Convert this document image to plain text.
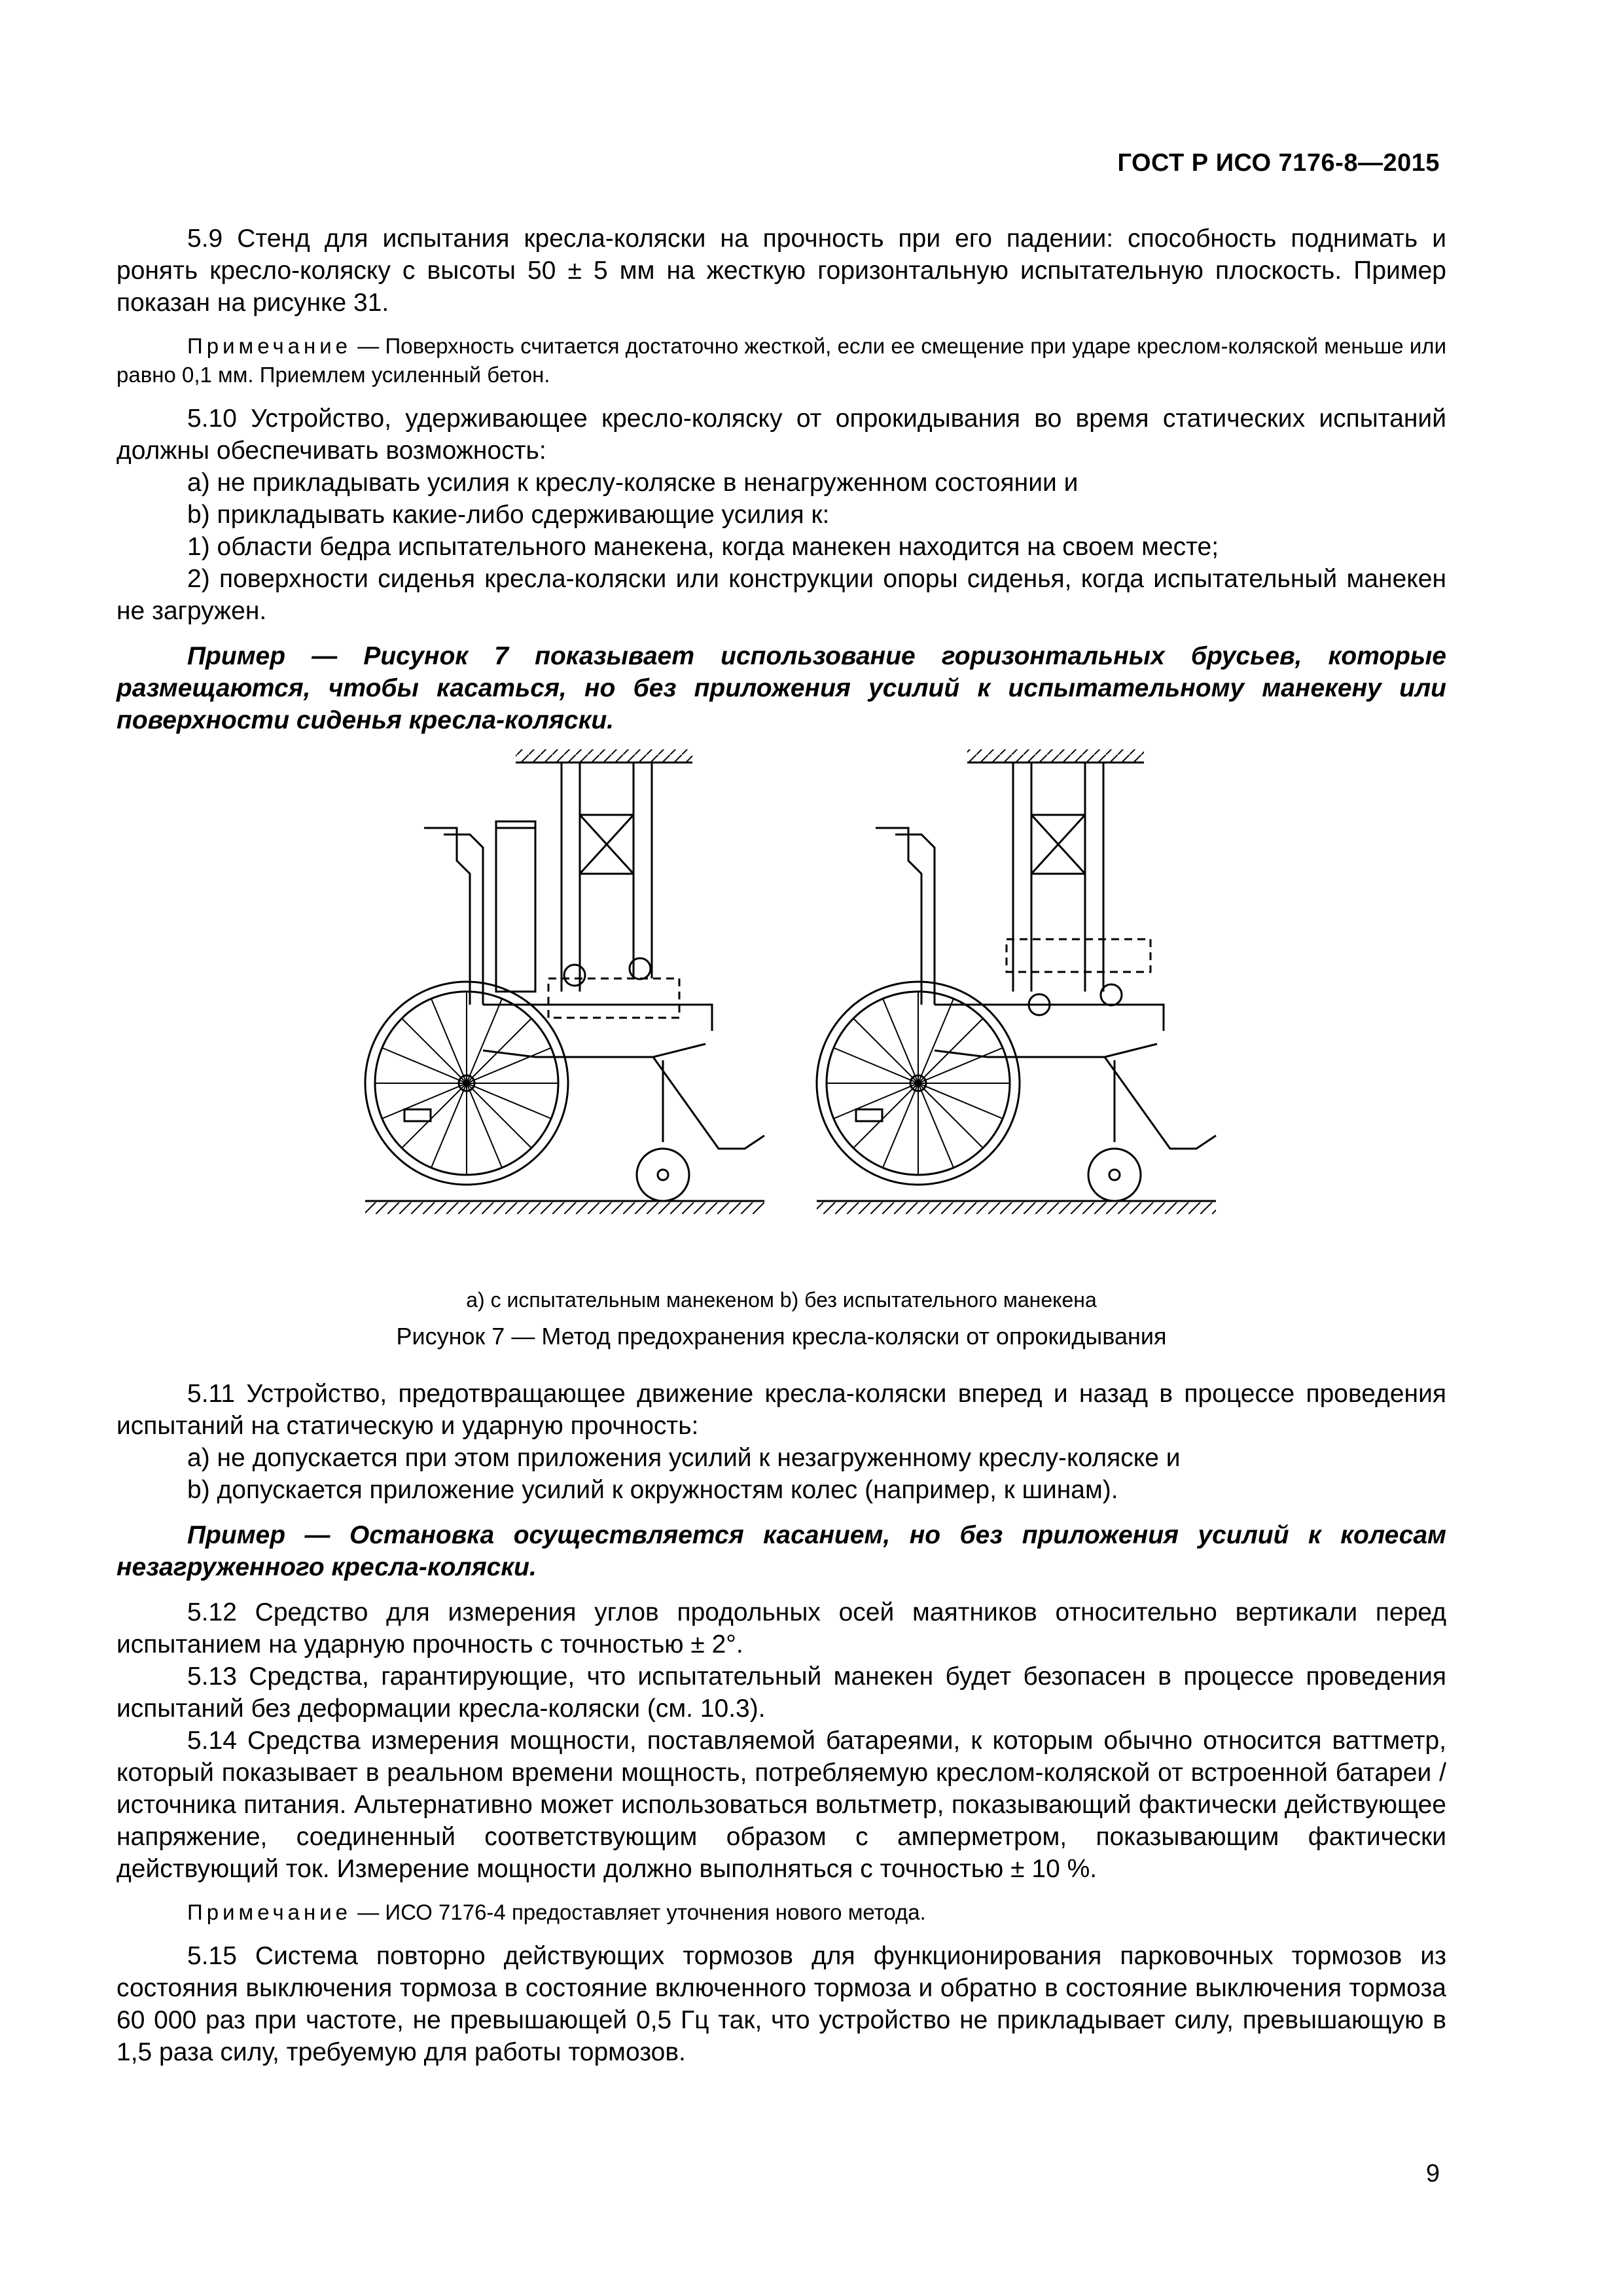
ГОСТ Р ИСО 7176-8—2015

5.9 Стенд для испытания кресла-коляски на прочность при его падении: способность поднимать и ронять кресло-коляску с высоты 50 ± 5 мм на жесткую горизонтальную испытательную плоскость. Пример показан на рисунке 31.

Примечание — Поверхность считается достаточно жесткой, если ее смещение при ударе креслом-коляской меньше или равно 0,1 мм. Приемлем усиленный бетон.

5.10 Устройство, удерживающее кресло-коляску от опрокидывания во время статических испытаний должны обеспечивать возможность:

a) не прикладывать усилия к креслу-коляске в ненагруженном состоянии и

b) прикладывать какие-либо сдерживающие усилия к:

1) области бедра испытательного манекена, когда манекен находится на своем месте;

2) поверхности сиденья кресла-коляски или конструкции опоры сиденья, когда испытательный манекен не загружен.

Пример — Рисунок 7 показывает использование горизонтальных брусьев, которые размещаются, чтобы касаться, но без приложения усилий к испытательному манекену или поверхности сиденья кресла-коляски.

a) с испытательным манекеном b) без испытательного манекена
Рисунок 7 — Метод предохранения кресла-коляски от опрокидывания

5.11 Устройство, предотвращающее движение кресла-коляски вперед и назад в процессе проведения испытаний на статическую и ударную прочность:

a) не допускается при этом приложения усилий к незагруженному креслу-коляске и

b) допускается приложение усилий к окружностям колес (например, к шинам).

Пример — Остановка осуществляется касанием, но без приложения усилий к колесам незагруженного кресла-коляски.

5.12 Средство для измерения углов продольных осей маятников относительно вертикали перед испытанием на ударную прочность с точностью ± 2°.

5.13 Средства, гарантирующие, что испытательный манекен будет безопасен в процессе проведения испытаний без деформации кресла-коляски (см. 10.3).

5.14 Средства измерения мощности, поставляемой батареями, к которым обычно относится ваттметр, который показывает в реальном времени мощность, потребляемую креслом-коляской от встроенной батареи / источника питания. Альтернативно может использоваться вольтметр, показывающий фактически действующее напряжение, соединенный соответствующим образом с амперметром, показывающим фактически действующий ток. Измерение мощности должно выполняться с точностью ± 10 %.

Примечание — ИСО 7176-4 предоставляет уточнения нового метода.

5.15 Система повторно действующих тормозов для функционирования парковочных тормозов из состояния выключения тормоза в состояние включенного тормоза и обратно в состояние выключения тормоза 60 000 раз при частоте, не превышающей 0,5 Гц так, что устройство не прикладывает силу, превышающую в 1,5 раза силу, требуемую для работы тормозов.

9
